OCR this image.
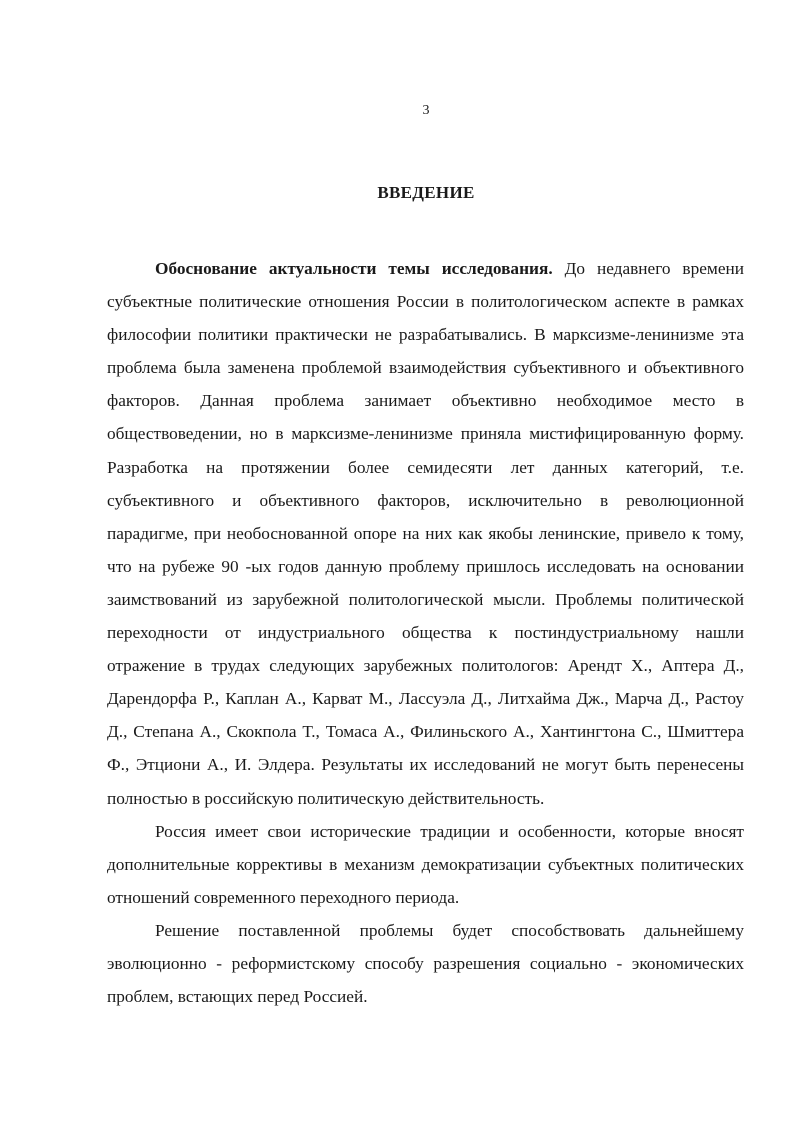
3

ВВЕДЕНИЕ

Обоснование актуальности темы исследования. До недавнего времени субъектные политические отношения России в политологическом аспекте в рамках философии политики практически не разрабатывались. В марксизме-ленинизме эта проблема была заменена проблемой взаимодействия субъективного и объективного факторов. Данная проблема занимает объективно необходимое место в обществоведении, но в марксизме-ленинизме приняла мистифицированную форму. Разработка на протяжении более семидесяти лет данных категорий, т.е. субъективного и объективного факторов, исключительно в революционной парадигме, при необоснованной опоре на них как якобы ленинские, привело к тому, что на рубеже 90 -ых годов данную проблему пришлось исследовать на основании заимствований из зарубежной политологической мысли. Проблемы политической переходности от индустриального общества к постиндустриальному нашли отражение в трудах следующих зарубежных политологов: Арендт Х., Аптера Д., Дарендорфа Р., Каплан А., Карват М., Лассуэла Д., Литхайма Дж., Марча Д., Растоу Д., Степана А., Скокпола Т., Томаса А., Филиньского А., Хантингтона С., Шмиттера Ф., Этциони А., И. Элдера. Результаты их исследований не могут быть перенесены полностью в российскую политическую действительность.

Россия имеет свои исторические традиции и особенности, которые вносят дополнительные коррективы в механизм демократизации субъектных политических отношений современного переходного периода.

Решение поставленной проблемы будет способствовать дальнейшему эволюционно - реформистскому способу разрешения социально - экономических проблем, встающих перед Россией.
